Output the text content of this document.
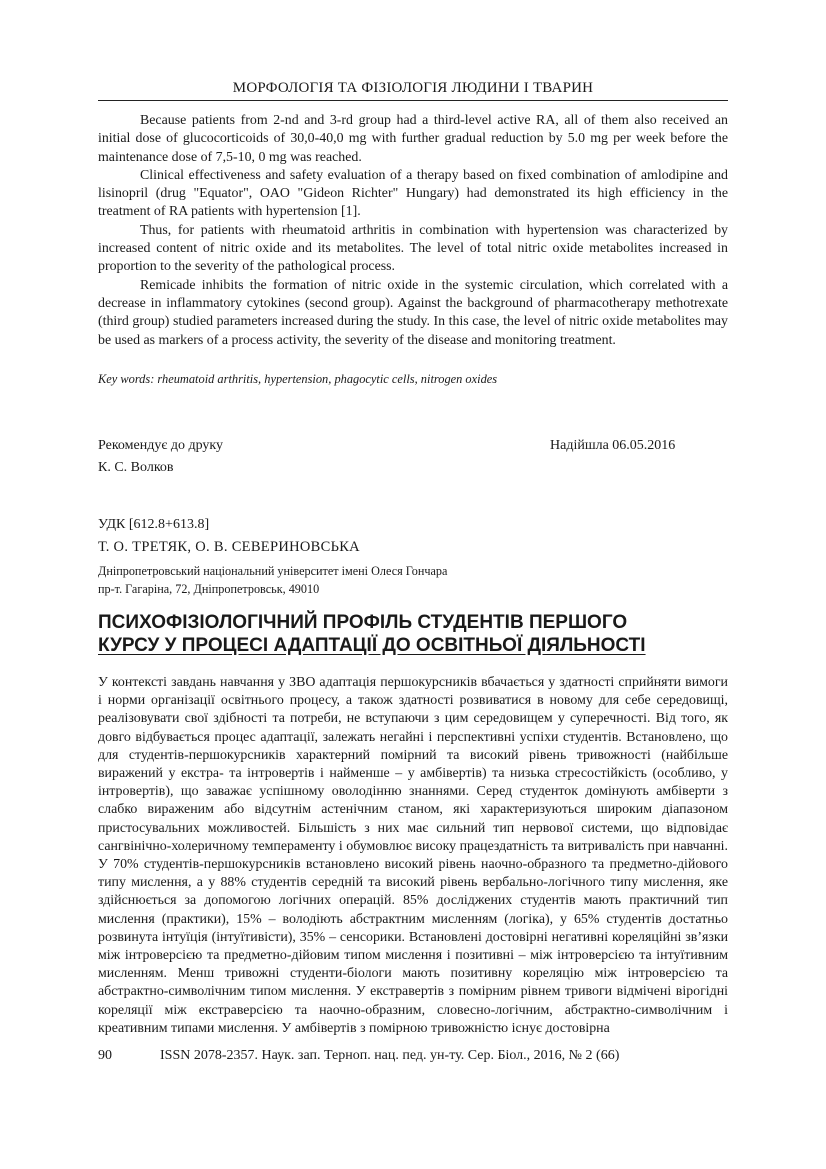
МОРФОЛОГІЯ ТА ФІЗІОЛОГІЯ ЛЮДИНИ І ТВАРИН

Because patients from 2-nd and 3-rd group had a third-level active RA, all of them also received an initial dose of glucocorticoids of 30,0-40,0 mg with further gradual reduction by 5.0 mg per week before the maintenance dose of 7,5-10, 0 mg was reached.

Clinical effectiveness and safety evaluation of a therapy based on fixed combination of amlodipine and lisinopril (drug "Equator", OAO "Gideon Richter" Hungary) had demonstrated its high efficiency in the treatment of RA patients with hypertension [1].

Thus, for patients with rheumatoid arthritis in combination with hypertension was characterized by increased content of nitric oxide and its metabolites. The level of total nitric oxide metabolites increased in proportion to the severity of the pathological process.

Remicade inhibits the formation of nitric oxide in the systemic circulation, which correlated with a decrease in inflammatory cytokines (second group). Against the background of pharmacotherapy methotrexate (third group) studied parameters increased during the study. In this case, the level of nitric oxide metabolites may be used as markers of a process activity, the severity of the disease and monitoring treatment.

Key words: rheumatoid arthritis, hypertension, phagocytic cells, nitrogen oxides
Рекомендує до друку
К. С. Волков
Надійшла 06.05.2016
УДК [612.8+613.8]
Т. О. ТРЕТЯК, О. В. СЕВЕРИНОВСЬКА
Дніпропетровський національний університет імені Олеся Гончара
пр-т. Гагаріна, 72, Дніпропетровськ, 49010
ПСИХОФІЗІОЛОГІЧНИЙ ПРОФІЛЬ СТУДЕНТІВ ПЕРШОГО
КУРСУ У ПРОЦЕСІ АДАПТАЦІЇ ДО ОСВІТНЬОЇ ДІЯЛЬНОСТІ
У контексті завдань навчання у ЗВО адаптація першокурсників вбачається у здатності сприйняти вимоги і норми організації освітнього процесу, а також здатності розвиватися в новому для себе середовищі, реалізовувати свої здібності та потреби, не вступаючи з цим середовищем у суперечності. Від того, як довго відбувається процес адаптації, залежать негайні і перспективні успіхи студентів. Встановлено, що для студентів-першокурсників характерний помірний та високий рівень тривожності (найбільше виражений у екстра- та інтровертів і найменше – у амбівертів) та низька стресостійкість (особливо, у інтровертів), що заважає успішному оволодінню знаннями. Серед студенток домінують амбіверти з слабко вираженим або відсутнім астенічним станом, які характеризуються широким діапазоном пристосувальних можливостей. Більшість з них має сильний тип нервової системи, що відповідає сангвінічно-холеричному темпераменту і обумовлює високу працездатність та витривалість при навчанні. У 70% студентів-першокурсників встановлено високий рівень наочно-образного та предметно-дійового типу мислення, а у 88% студентів середній та високий рівень вербально-логічного типу мислення, яке здійснюється за допомогою логічних операцій. 85% досліджених студентів мають практичний тип мислення (практики), 15% – володіють абстрактним мисленням (логіка), у 65% студентів достатньо розвинута інтуїція (інтуїтивісти), 35% – сенсорики. Встановлені достовірні негативні кореляційні зв’язки між інтроверсією та предметно-дійовим типом мислення і позитивні – між інтроверсією та інтуїтивним мисленням. Менш тривожні студенти-біологи мають позитивну кореляцію між інтроверсією та абстрактно-символічним типом мислення. У екстравертів з помірним рівнем тривоги відмічені вірогідні кореляції між екстраверсією та наочно-образним, словесно-логічним, абстрактно-символічним і креативним типами мислення. У амбівертів з помірною тривожністю існує достовірна
90	ISSN 2078-2357. Наук. зап. Терноп. нац. пед. ун-ту. Сер. Біол., 2016, № 2 (66)
